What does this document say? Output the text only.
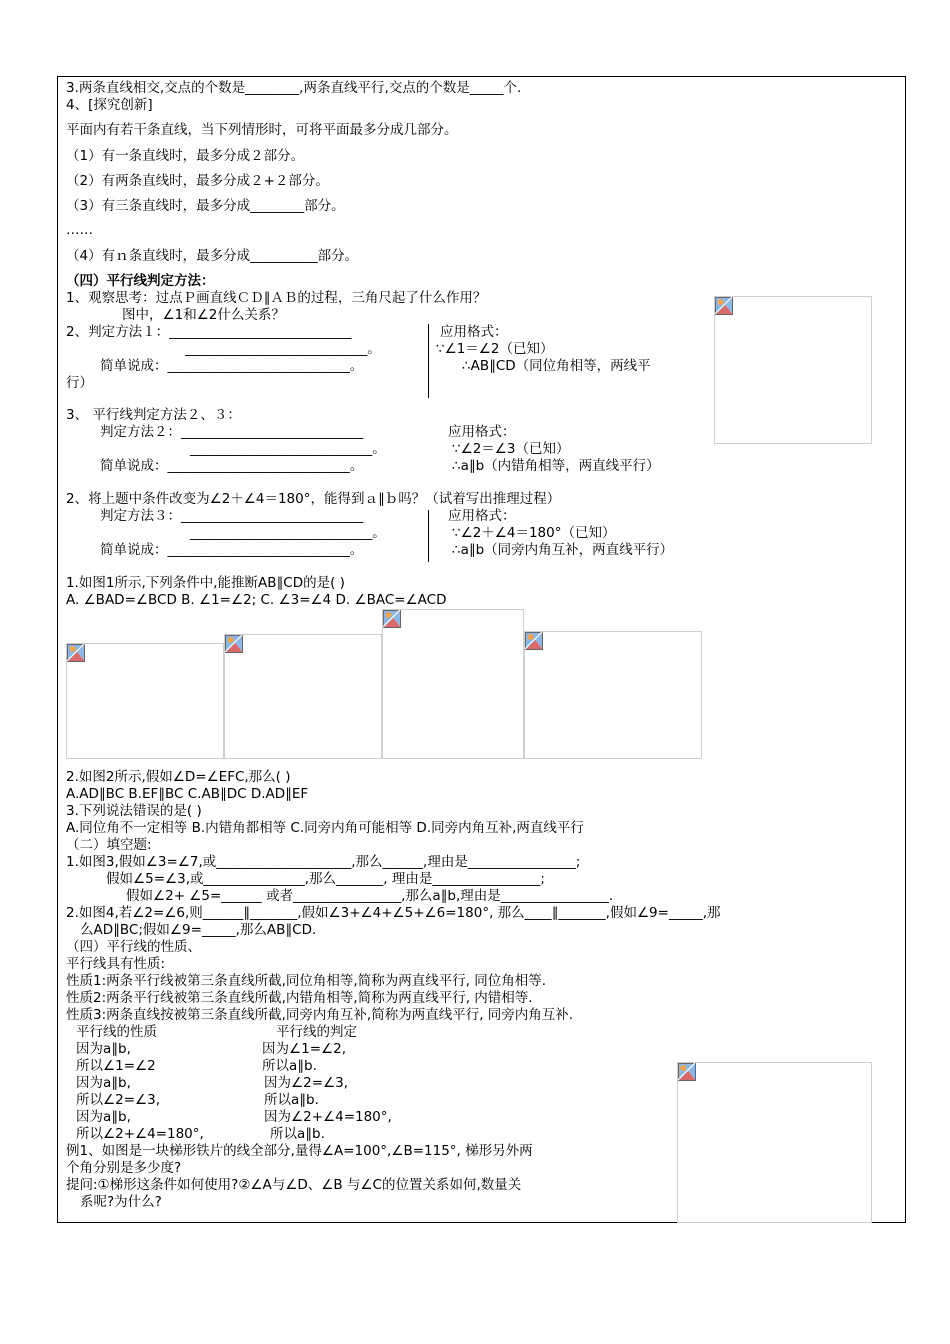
3.两条直线相交,交点的个数是________,两条直线平行,交点的个数是_____个.
4、[探究创新]
平面内有若干条直线，当下列情形时，可将平面最多分成几部分。
（1）有一条直线时，最多分成２部分。
（2）有两条直线时，最多分成２+２部分。
（3）有三条直线时，最多分成________部分。
……
（4）有ｎ条直线时，最多分成__________部分。
（四）平行线判定方法：
1、观察思考：过点Ｐ画直线ＣＤ∥ＡＢ的过程，三角尺起了什么作用？
图中，∠1和∠2什么关系？
2、判定方法１：___________________________	应用格式：
___________________________。	∵∠1＝∠2（已知）
简单说成：___________________________。	∴AB∥CD（同位角相等，两线平
行）
3、 平行线判定方法２、３：
判定方法２：___________________________	应用格式：
___________________________。	∵∠2＝∠3（已知）
简单说成：___________________________。	∴a∥b（内错角相等，两直线平行）
2、将上题中条件改变为∠2＋∠4＝180°，能得到ａ∥ｂ吗？（试着写出推理过程）
判定方法３：___________________________	应用格式：
___________________________。	∵∠2＋∠4＝180°（已知）
简单说成：___________________________。	∴a∥b（同旁内角互补，两直线平行）
1.如图1所示,下列条件中,能推断AB∥CD的是( )
A. ∠BAD=∠BCD B. ∠1=∠2; C. ∠3=∠4 D. ∠BAC=∠ACD
2.如图2所示,假如∠D=∠EFC,那么( )
A.AD∥BC B.EF∥BC C.AB∥DC D.AD∥EF
3.下列说法错误的是( )
A.同位角不一定相等 B.内错角都相等 C.同旁内角可能相等 D.同旁内角互补,两直线平行
（二）填空题:
1.如图3,假如∠3=∠7,或____________________,那么______,理由是________________;
假如∠5=∠3,或_______________,那么_______, 理由是________________;
假如∠2+ ∠5=______ 或者________________,那么a∥b,理由是________________.
2.如图4,若∠2=∠6,则______∥_______,假如∠3+∠4+∠5+∠6=180°, 那么____∥_______,假如∠9=_____,那
么AD∥BC;假如∠9=_____,那么AB∥CD.
（四）平行线的性质、
平行线具有性质:
性质1:两条平行线被第三条直线所截,同位角相等,简称为两直线平行, 同位角相等.
性质2:两条平行线被第三条直线所截,内错角相等,简称为两直线平行, 内错相等.
性质3:两条直线按被第三条直线所截,同旁内角互补,简称为两直线平行, 同旁内角互补.
平行线的性质	平行线的判定
因为a∥b,	因为∠1=∠2,
所以∠1=∠2	所以a∥b.
因为a∥b,	因为∠2=∠3,
所以∠2=∠3,	所以a∥b.
因为a∥b,	因为∠2+∠4=180°,
所以∠2+∠4=180°,	所以a∥b.
例1、如图是一块梯形铁片的线全部分,量得∠A=100°,∠B=115°, 梯形另外两
个角分别是多少度?
提问:①梯形这条件如何使用?②∠A与∠D、∠B 与∠C的位置关系如何,数量关
系呢?为什么?
